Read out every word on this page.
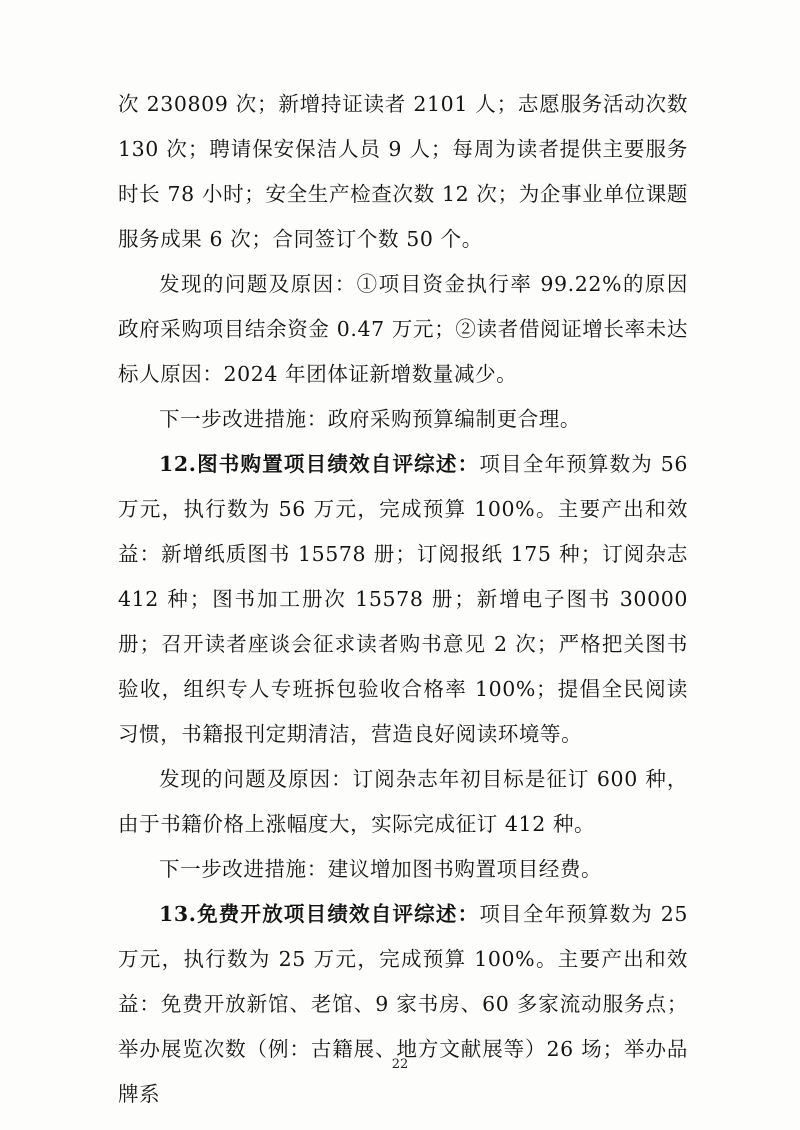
次 230809 次；新增持证读者 2101 人；志愿服务活动次数 130 次；聘请保安保洁人员 9 人；每周为读者提供主要服务时长 78 小时；安全生产检查次数 12 次；为企事业单位课题服务成果 6 次；合同签订个数 50 个。

发现的问题及原因：①项目资金执行率 99.22%的原因政府采购项目结余资金 0.47 万元；②读者借阅证增长率未达标人原因：2024 年团体证新增数量减少。

下一步改进措施：政府采购预算编制更合理。

12.图书购置项目绩效自评综述：项目全年预算数为 56 万元，执行数为 56 万元，完成预算 100%。主要产出和效益：新增纸质图书 15578 册；订阅报纸 175 种；订阅杂志 412 种；图书加工册次 15578 册；新增电子图书 30000 册；召开读者座谈会征求读者购书意见 2 次；严格把关图书验收，组织专人专班拆包验收合格率 100%；提倡全民阅读习惯，书籍报刊定期清洁，营造良好阅读环境等。

发现的问题及原因：订阅杂志年初目标是征订 600 种，由于书籍价格上涨幅度大，实际完成征订 412 种。

下一步改进措施：建议增加图书购置项目经费。

13.免费开放项目绩效自评综述：项目全年预算数为 25 万元，执行数为 25 万元，完成预算 100%。主要产出和效益：免费开放新馆、老馆、9 家书房、60 多家流动服务点；举办展览次数（例：古籍展、地方文献展等）26 场；举办品牌系

22
